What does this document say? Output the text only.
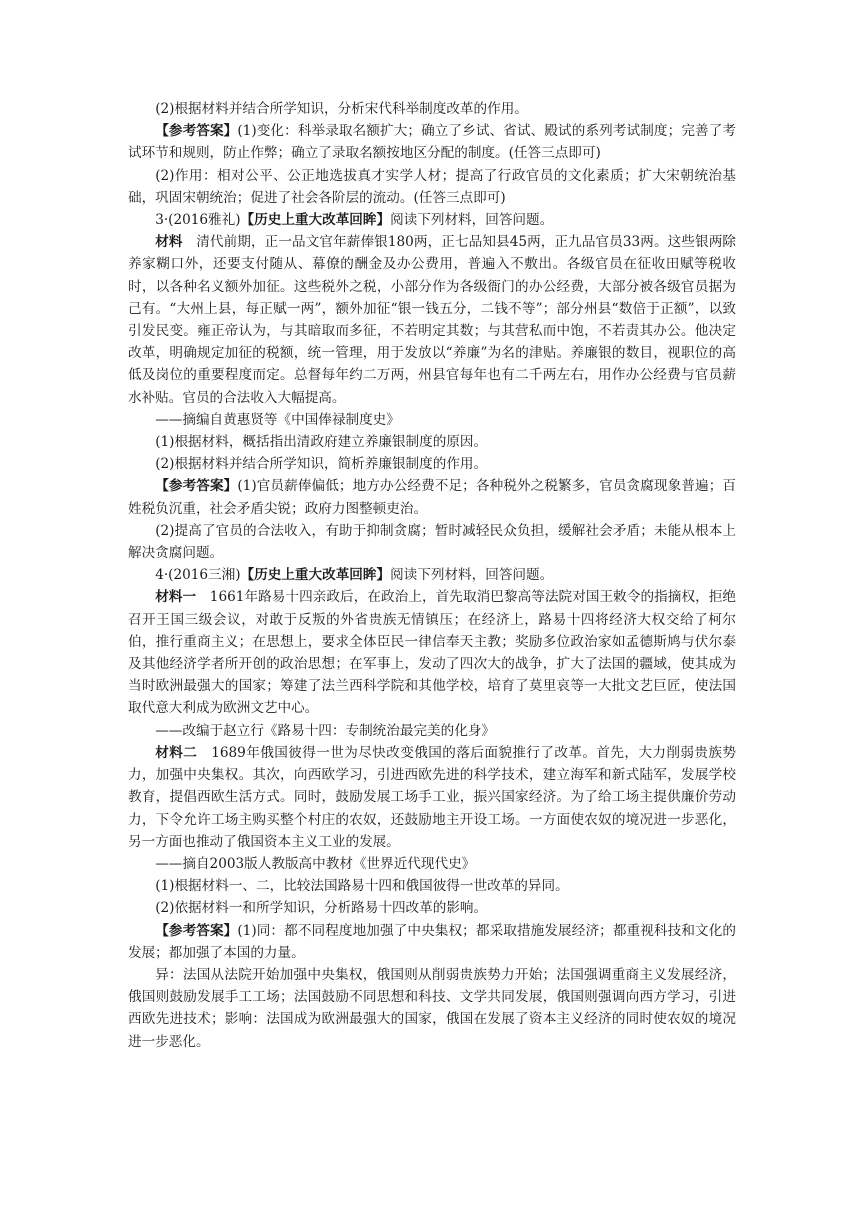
(2)根据材料并结合所学知识，分析宋代科举制度改革的作用。

【参考答案】(1)变化：科举录取名额扩大；确立了乡试、省试、殿试的系列考试制度；完善了考试环节和规则，防止作弊；确立了录取名额按地区分配的制度。(任答三点即可)

(2)作用：相对公平、公正地选拔真才实学人材；提高了行政官员的文化素质；扩大宋朝统治基础，巩固宋朝统治；促进了社会各阶层的流动。(任答三点即可)

3·(2016雅礼)【历史上重大改革回眸】阅读下列材料，回答问题。

材料　清代前期，正一品文官年薪俸银180两，正七品知县45两，正九品官员33两。这些银两除养家糊口外，还要支付随从、幕僚的酬金及办公费用，普遍入不敷出。各级官员在征收田赋等税收时，以各种名义额外加征。这些税外之税，小部分作为各级衙门的办公经费，大部分被各级官员据为己有。“大州上县，每正赋一两”，额外加征“银一钱五分，二钱不等”；部分州县“数倍于正额”，以致引发民变。雍正帝认为，与其暗取而多征，不若明定其数；与其营私而中饱，不若责其办公。他决定改革，明确规定加征的税额，统一管理，用于发放以“养廉”为名的津贴。养廉银的数目，视职位的高低及岗位的重要程度而定。总督每年约二万两，州县官每年也有二千两左右，用作办公经费与官员薪水补贴。官员的合法收入大幅提高。

——摘编自黄惠贤等《中国俸禄制度史》

(1)根据材料，概括指出清政府建立养廉银制度的原因。

(2)根据材料并结合所学知识，简析养廉银制度的作用。

【参考答案】(1)官员薪俸偏低；地方办公经费不足；各种税外之税繁多，官员贪腐现象普遍；百姓税负沉重，社会矛盾尖锐；政府力图整顿吏治。

(2)提高了官员的合法收入，有助于抑制贪腐；暂时减轻民众负担，缓解社会矛盾；未能从根本上解决贪腐问题。

4·(2016三湘)【历史上重大改革回眸】阅读下列材料，回答问题。

材料一　1661年路易十四亲政后，在政治上，首先取消巴黎高等法院对国王敕令的指摘权，拒绝召开王国三级会议，对敢于反叛的外省贵族无情镇压；在经济上，路易十四将经济大权交给了柯尔伯，推行重商主义；在思想上，要求全体臣民一律信奉天主教；奖励多位政治家如孟德斯鸠与伏尔泰及其他经济学者所开创的政治思想；在军事上，发动了四次大的战争，扩大了法国的疆域，使其成为当时欧洲最强大的国家；筹建了法兰西科学院和其他学校，培育了莫里哀等一大批文艺巨匠，使法国取代意大利成为欧洲文艺中心。

——改编于赵立行《路易十四：专制统治最完美的化身》

材料二　1689年俄国彼得一世为尽快改变俄国的落后面貌推行了改革。首先，大力削弱贵族势力，加强中央集权。其次，向西欧学习，引进西欧先进的科学技术，建立海军和新式陆军，发展学校教育，提倡西欧生活方式。同时，鼓励发展工场手工业，振兴国家经济。为了给工场主提供廉价劳动力，下令允许工场主购买整个村庄的农奴，还鼓励地主开设工场。一方面使农奴的境况进一步恶化，另一方面也推动了俄国资本主义工业的发展。

——摘自2003版人教版高中教材《世界近代现代史》

(1)根据材料一、二，比较法国路易十四和俄国彼得一世改革的异同。

(2)依据材料一和所学知识，分析路易十四改革的影响。

【参考答案】(1)同：都不同程度地加强了中央集权；都采取措施发展经济；都重视科技和文化的发展；都加强了本国的力量。

异：法国从法院开始加强中央集权，俄国则从削弱贵族势力开始；法国强调重商主义发展经济，俄国则鼓励发展手工工场；法国鼓励不同思想和科技、文学共同发展，俄国则强调向西方学习，引进西欧先进技术；影响：法国成为欧洲最强大的国家，俄国在发展了资本主义经济的同时使农奴的境况进一步恶化。
